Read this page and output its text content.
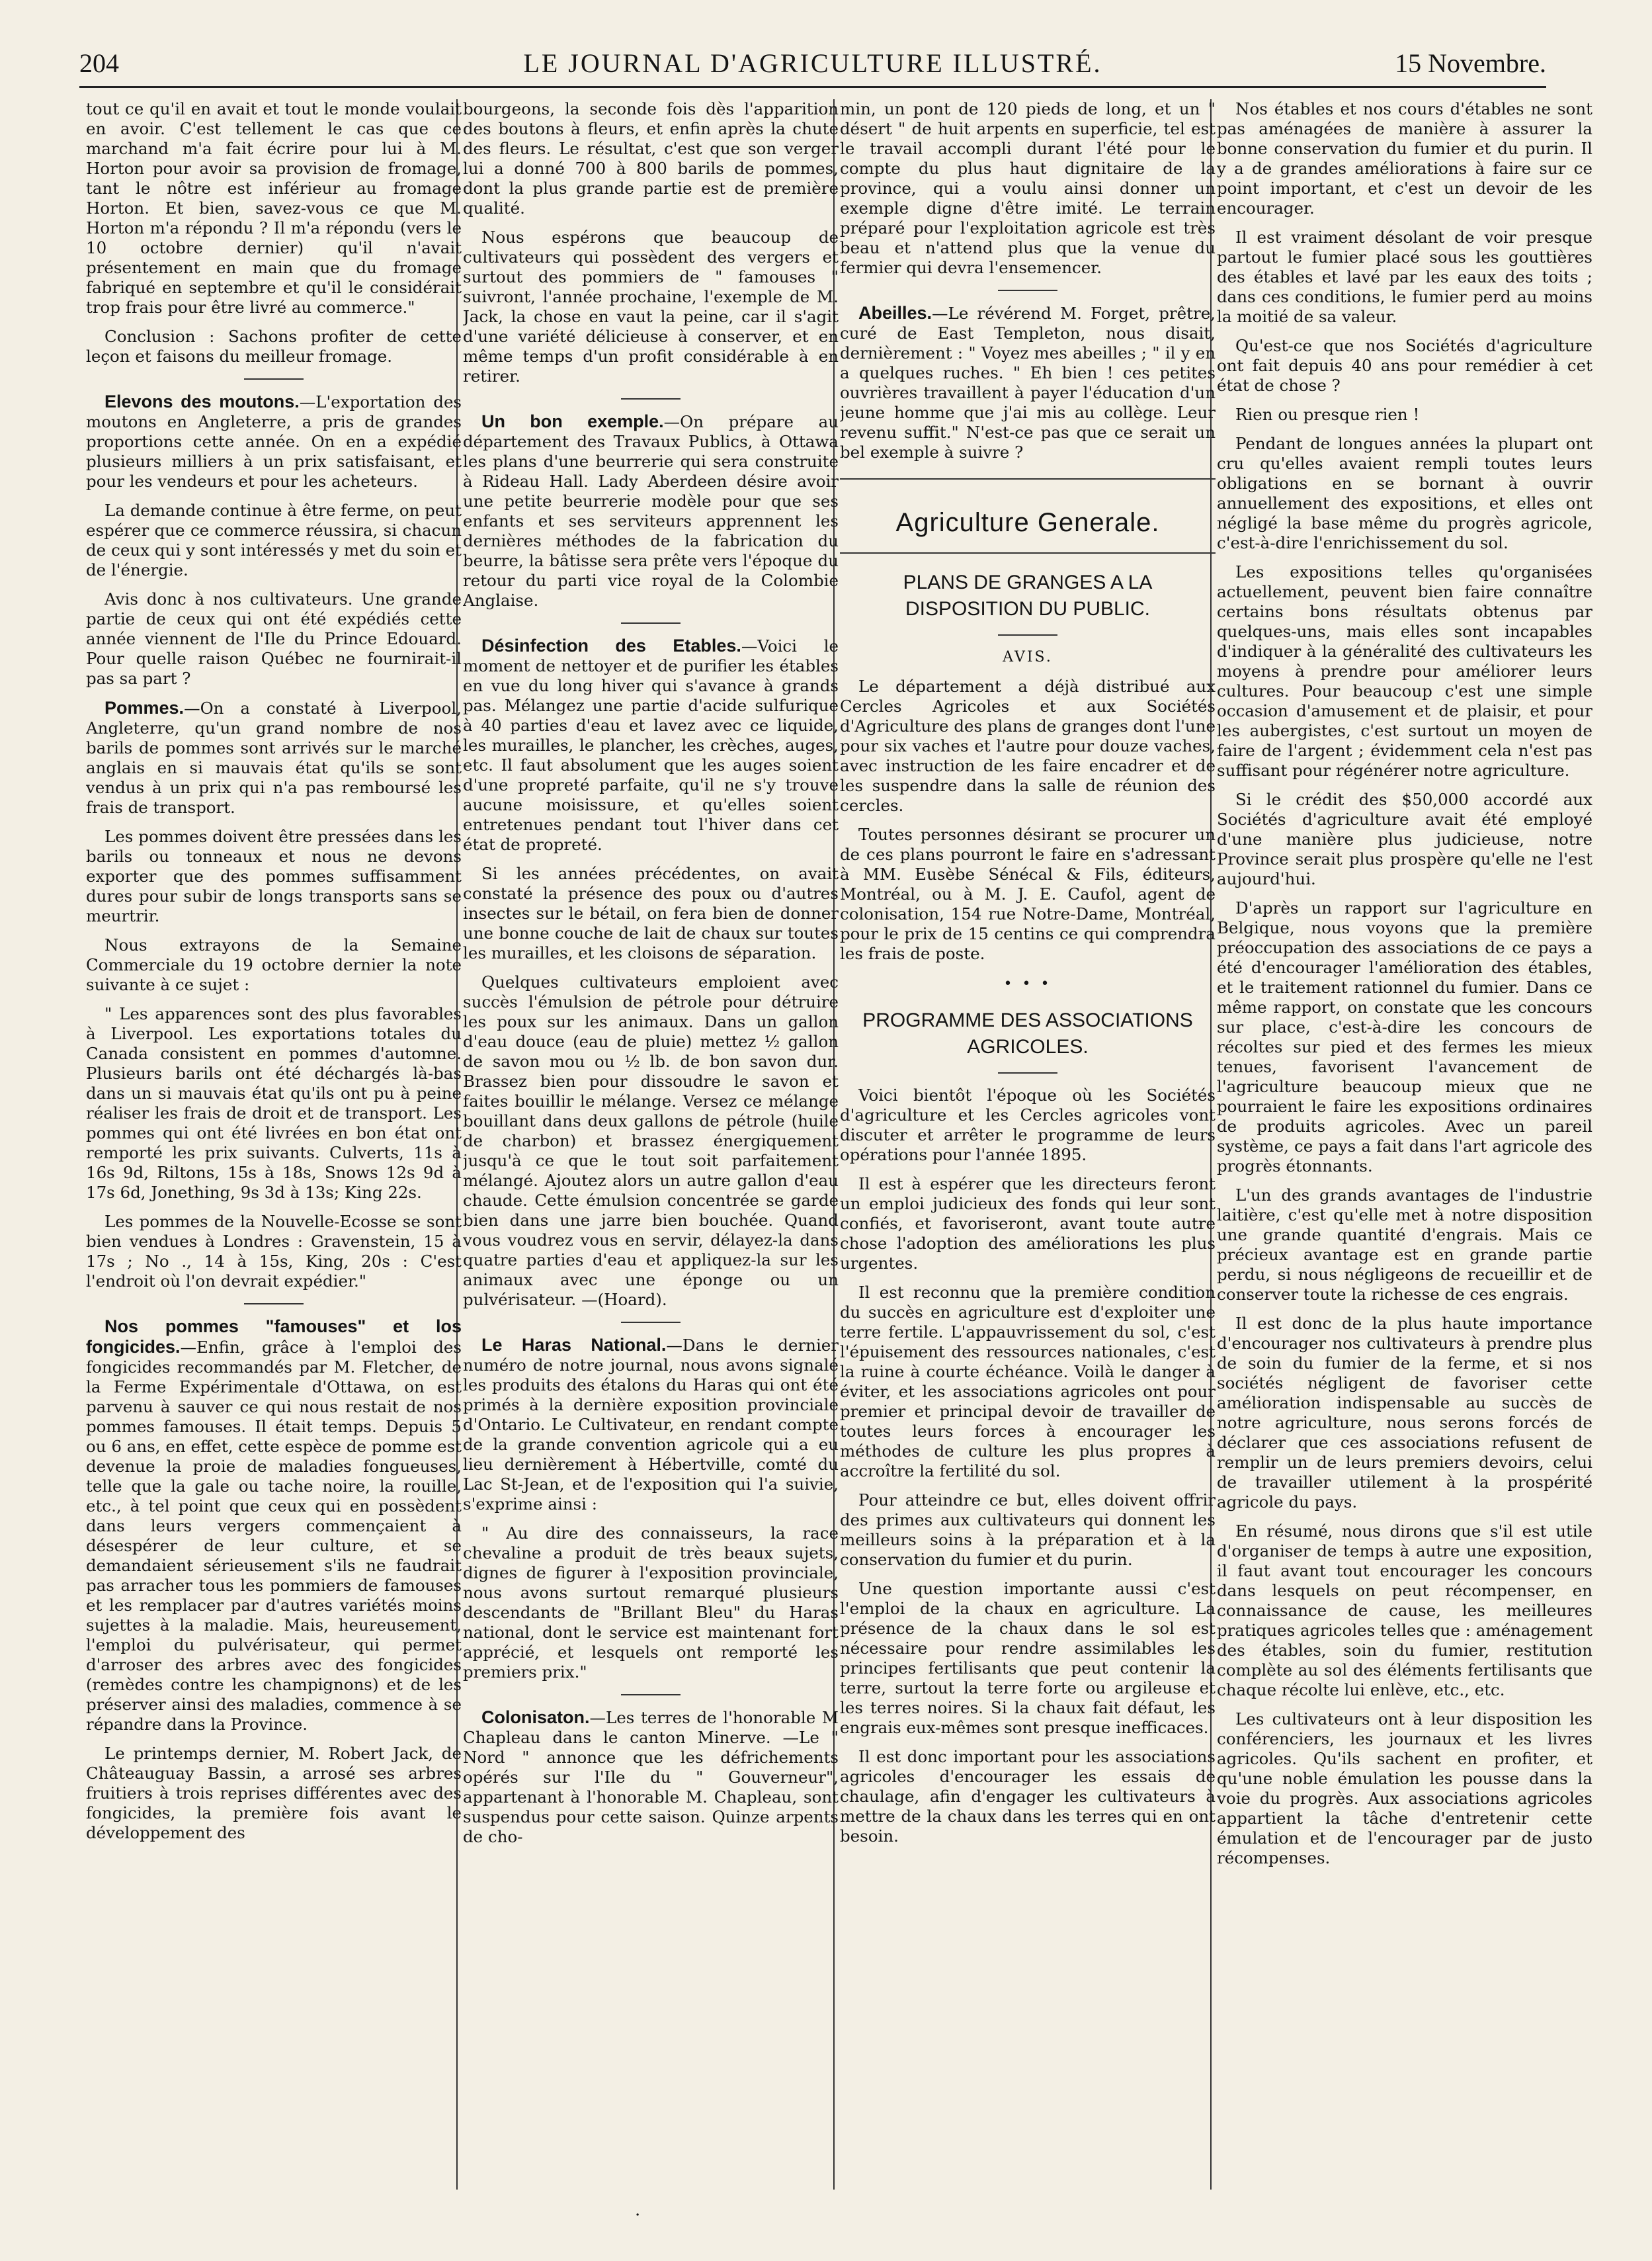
204	LE JOURNAL D'AGRICULTURE ILLUSTRÉ.	15 Novembre.

tout ce qu'il en avait et tout le monde voulait en avoir. C'est tellement le cas que ce marchand m'a fait écrire pour lui à M. Horton pour avoir sa provision de fromage, tant le nôtre est inférieur au fromage Horton. Et bien, savez-vous ce que M. Horton m'a répondu ? Il m'a répondu (vers le 10 octobre dernier) qu'il n'avait présentement en main que du fromage fabriqué en septembre et qu'il le considérait trop frais pour être livré au commerce."

Conclusion : Sachons profiter de cette leçon et faisons du meilleur fromage.

Elevons des moutons.—L'exportation des moutons en Angleterre, a pris de grandes proportions cette année. On en a expédié plusieurs milliers à un prix satisfaisant, et pour les vendeurs et pour les acheteurs.

La demande continue à être ferme, on peut espérer que ce commerce réussira, si chacun de ceux qui y sont intéressés y met du soin et de l'énergie.

Avis donc à nos cultivateurs. Une grande partie de ceux qui ont été expédiés cette année viennent de l'Ile du Prince Edouard. Pour quelle raison Québec ne fournirait-il pas sa part ?

Pommes.—On a constaté à Liverpool, Angleterre, qu'un grand nombre de nos barils de pommes sont arrivés sur le marché anglais en si mauvais état qu'ils se sont vendus à un prix qui n'a pas remboursé les frais de transport.

Les pommes doivent être pressées dans les barils ou tonneaux et nous ne devons exporter que des pommes suffisamment dures pour subir de longs transports sans se meurtrir.

Nous extrayons de la Semaine Commerciale du 19 octobre dernier la note suivante à ce sujet :

" Les apparences sont des plus favorables à Liverpool. Les exportations totales du Canada consistent en pommes d'automne. Plusieurs barils ont été déchargés là-bas dans un si mauvais état qu'ils ont pu à peine réaliser les frais de droit et de transport. Les pommes qui ont été livrées en bon état ont remporté les prix suivants. Culverts, 11s à 16s 9d, Riltons, 15s à 18s, Snows 12s 9d à 17s 6d, Jonething, 9s 3d à 13s; King 22s.

Les pommes de la Nouvelle-Ecosse se sont bien vendues à Londres : Gravenstein, 15 à 17s ; No ., 14 à 15s, King, 20s : C'est l'endroit où l'on devrait expédier."

Nos pommes "famouses" et los fongicides.—Enfin, grâce à l'emploi des fongicides recommandés par M. Fletcher, de la Ferme Expérimentale d'Ottawa, on est parvenu à sauver ce qui nous restait de nos pommes famouses. Il était temps. Depuis 5 ou 6 ans, en effet, cette espèce de pomme est devenue la proie de maladies fongueuses, telle que la gale ou tache noire, la rouille, etc., à tel point que ceux qui en possèdent dans leurs vergers commençaient à désespérer de leur culture, et se demandaient sérieusement s'ils ne faudrait pas arracher tous les pommiers de famouses et les remplacer par d'autres variétés moins sujettes à la maladie. Mais, heureusement, l'emploi du pulvérisateur, qui permet d'arroser des arbres avec des fongicides (remèdes contre les champignons) et de les préserver ainsi des maladies, commence à se répandre dans la Province.

Le printemps dernier, M. Robert Jack, de Châteauguay Bassin, a arrosé ses arbres fruitiers à trois reprises différentes avec des fongicides, la première fois avant le développement des

bourgeons, la seconde fois dès l'apparition des boutons à fleurs, et enfin après la chute des fleurs. Le résultat, c'est que son verger lui a donné 700 à 800 barils de pommes, dont la plus grande partie est de première qualité.

Nous espérons que beaucoup de cultivateurs qui possèdent des vergers et surtout des pommiers de " famouses " suivront, l'année prochaine, l'exemple de M. Jack, la chose en vaut la peine, car il s'agit d'une variété délicieuse à conserver, et en même temps d'un profit considérable à en retirer.

Un bon exemple.—On prépare au département des Travaux Publics, à Ottawa les plans d'une beurrerie qui sera construite à Rideau Hall. Lady Aberdeen désire avoir une petite beurrerie modèle pour que ses enfants et ses serviteurs apprennent les dernières méthodes de la fabrication du beurre, la bâtisse sera prête vers l'époque du retour du parti vice royal de la Colombie Anglaise.

Désinfection des Etables.—Voici le moment de nettoyer et de purifier les étables en vue du long hiver qui s'avance à grands pas. Mélangez une partie d'acide sulfurique à 40 parties d'eau et lavez avec ce liquide, les murailles, le plancher, les crèches, auges, etc. Il faut absolument que les auges soient d'une propreté parfaite, qu'il ne s'y trouve aucune moisissure, et qu'elles soient entretenues pendant tout l'hiver dans cet état de propreté.

Si les années précédentes, on avait constaté la présence des poux ou d'autres insectes sur le bétail, on fera bien de donner une bonne couche de lait de chaux sur toutes les murailles, et les cloisons de séparation.

Quelques cultivateurs emploient avec succès l'émulsion de pétrole pour détruire les poux sur les animaux. Dans un gallon d'eau douce (eau de pluie) mettez ½ gallon de savon mou ou ½ lb. de bon savon dur. Brassez bien pour dissoudre le savon et faites bouillir le mélange. Versez ce mélange bouillant dans deux gallons de pétrole (huile de charbon) et brassez énergiquement jusqu'à ce que le tout soit parfaitement mélangé. Ajoutez alors un autre gallon d'eau chaude. Cette émulsion concentrée se garde bien dans une jarre bien bouchée. Quand vous voudrez vous en servir, délayez-la dans quatre parties d'eau et appliquez-la sur les animaux avec une éponge ou un pulvérisateur. —(Hoard).

Le Haras National.—Dans le dernier numéro de notre journal, nous avons signalé les produits des étalons du Haras qui ont été primés à la dernière exposition provinciale d'Ontario. Le Cultivateur, en rendant compte de la grande convention agricole qui a eu lieu dernièrement à Hébertville, comté du Lac St-Jean, et de l'exposition qui l'a suivie, s'exprime ainsi :

" Au dire des connaisseurs, la race chevaline a produit de très beaux sujets, dignes de figurer à l'exposition provinciale, nous avons surtout remarqué plusieurs descendants de "Brillant Bleu" du Haras national, dont le service est maintenant fort apprécié, et lesquels ont remporté les premiers prix."

Colonisaton.—Les terres de l'honorable M Chapleau dans le canton Minerve. —Le " Nord " annonce que les défrichements opérés sur l'Ile du " Gouverneur", appartenant à l'honorable M. Chapleau, sont suspendus pour cette saison. Quinze arpents de cho-

min, un pont de 120 pieds de long, et un " désert " de huit arpents en superficie, tel est le travail accompli durant l'été pour le compte du plus haut dignitaire de la province, qui a voulu ainsi donner un exemple digne d'être imité. Le terrain préparé pour l'exploitation agricole est très beau et n'attend plus que la venue du fermier qui devra l'ensemencer.

Abeilles.—Le révérend M. Forget, prêtre, curé de East Templeton, nous disait, dernièrement : " Voyez mes abeilles ; " il y en a quelques ruches. " Eh bien ! ces petites ouvrières travaillent à payer l'éducation d'un jeune homme que j'ai mis au collège. Leur revenu suffit." N'est-ce pas que ce serait un bel exemple à suivre ?

Agriculture Generale.
PLANS DE GRANGES A LA DISPOSITION DU PUBLIC.

AVIS.

Le département a déjà distribué aux Cercles Agricoles et aux Sociétés d'Agriculture des plans de granges dont l'une pour six vaches et l'autre pour douze vaches, avec instruction de les faire encadrer et de les suspendre dans la salle de réunion des cercles.

Toutes personnes désirant se procurer un de ces plans pourront le faire en s'adressant à MM. Eusèbe Sénécal & Fils, éditeurs, Montréal, ou à M. J. E. Caufol, agent de colonisation, 154 rue Notre-Dame, Montréal, pour le prix de 15 centins ce qui comprendra les frais de poste.

• • •
PROGRAMME DES ASSOCIATIONS AGRICOLES.

Voici bientôt l'époque où les Sociétés d'agriculture et les Cercles agricoles vont discuter et arrêter le programme de leurs opérations pour l'année 1895.

Il est à espérer que les directeurs feront un emploi judicieux des fonds qui leur sont confiés, et favoriseront, avant toute autre chose l'adoption des améliorations les plus urgentes.

Il est reconnu que la première condition du succès en agriculture est d'exploiter une terre fertile. L'appauvrissement du sol, c'est l'épuisement des ressources nationales, c'est la ruine à courte échéance. Voilà le danger à éviter, et les associations agricoles ont pour premier et principal devoir de travailler de toutes leurs forces à encourager les méthodes de culture les plus propres à accroître la fertilité du sol.

Pour atteindre ce but, elles doivent offrir des primes aux cultivateurs qui donnent les meilleurs soins à la préparation et à la conservation du fumier et du purin.

Une question importante aussi c'est l'emploi de la chaux en agriculture. La présence de la chaux dans le sol est nécessaire pour rendre assimilables les principes fertilisants que peut contenir la terre, surtout la terre forte ou argileuse et les terres noires. Si la chaux fait défaut, les engrais eux-mêmes sont presque inefficaces.

Il est donc important pour les associations agricoles d'encourager les essais de chaulage, afin d'engager les cultivateurs à mettre de la chaux dans les terres qui en ont besoin.

Nos étables et nos cours d'étables ne sont pas aménagées de manière à assurer la bonne conservation du fumier et du purin. Il y a de grandes améliorations à faire sur ce point important, et c'est un devoir de les encourager.

Il est vraiment désolant de voir presque partout le fumier placé sous les gouttières des étables et lavé par les eaux des toits ; dans ces conditions, le fumier perd au moins la moitié de sa valeur.

Qu'est-ce que nos Sociétés d'agriculture ont fait depuis 40 ans pour remédier à cet état de chose ?

Rien ou presque rien !

Pendant de longues années la plupart ont cru qu'elles avaient rempli toutes leurs obligations en se bornant à ouvrir annuellement des expositions, et elles ont négligé la base même du progrès agricole, c'est-à-dire l'enrichissement du sol.

Les expositions telles qu'organisées actuellement, peuvent bien faire connaître certains bons résultats obtenus par quelques-uns, mais elles sont incapables d'indiquer à la généralité des cultivateurs les moyens à prendre pour améliorer leurs cultures. Pour beaucoup c'est une simple occasion d'amusement et de plaisir, et pour les aubergistes, c'est surtout un moyen de faire de l'argent ; évidemment cela n'est pas suffisant pour régénérer notre agriculture.

Si le crédit des $50,000 accordé aux Sociétés d'agriculture avait été employé d'une manière plus judicieuse, notre Province serait plus prospère qu'elle ne l'est aujourd'hui.

D'après un rapport sur l'agriculture en Belgique, nous voyons que la première préoccupation des associations de ce pays a été d'encourager l'amélioration des étables, et le traitement rationnel du fumier. Dans ce même rapport, on constate que les concours sur place, c'est-à-dire les concours de récoltes sur pied et des fermes les mieux tenues, favorisent l'avancement de l'agriculture beaucoup mieux que ne pourraient le faire les expositions ordinaires de produits agricoles. Avec un pareil système, ce pays a fait dans l'art agricole des progrès étonnants.

L'un des grands avantages de l'industrie laitière, c'est qu'elle met à notre disposition une grande quantité d'engrais. Mais ce précieux avantage est en grande partie perdu, si nous négligeons de recueillir et de conserver toute la richesse de ces engrais.

Il est donc de la plus haute importance d'encourager nos cultivateurs à prendre plus de soin du fumier de la ferme, et si nos sociétés négligent de favoriser cette amélioration indispensable au succès de notre agriculture, nous serons forcés de déclarer que ces associations refusent de remplir un de leurs premiers devoirs, celui de travailler utilement à la prospérité agricole du pays.

En résumé, nous dirons que s'il est utile d'organiser de temps à autre une exposition, il faut avant tout encourager les concours dans lesquels on peut récompenser, en connaissance de cause, les meilleures pratiques agricoles telles que : aménagement des étables, soin du fumier, restitution complète au sol des éléments fertilisants que chaque récolte lui enlève, etc., etc.

Les cultivateurs ont à leur disposition les conférenciers, les journaux et les livres agricoles. Qu'ils sachent en profiter, et qu'une noble émulation les pousse dans la voie du progrès. Aux associations agricoles appartient la tâche d'entretenir cette émulation et de l'encourager par de justo récompenses.

·
